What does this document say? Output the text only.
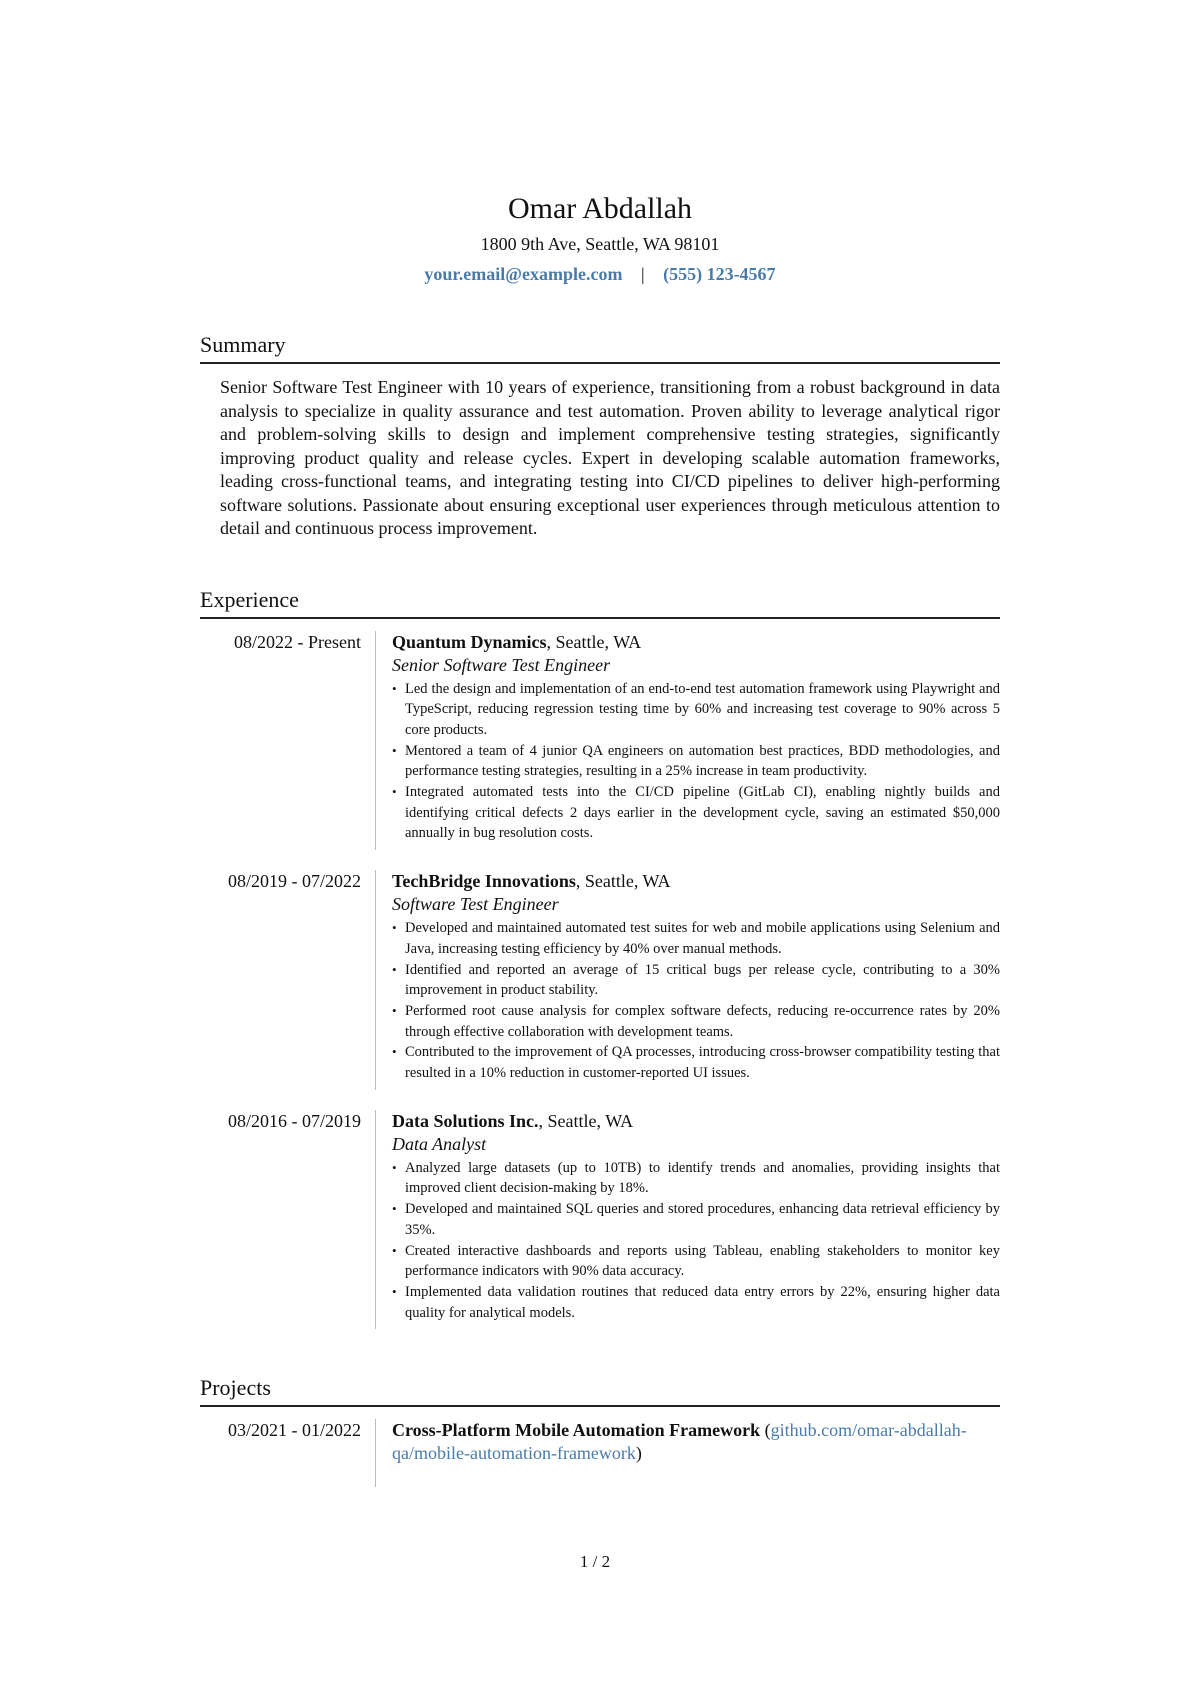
Omar Abdallah
1800 9th Ave, Seattle, WA 98101
your.email@example.com | (555) 123-4567
Summary
Senior Software Test Engineer with 10 years of experience, transitioning from a robust background in data analysis to specialize in quality assurance and test automation. Proven ability to leverage analytical rigor and problem-solving skills to design and implement comprehensive testing strategies, significantly improving product quality and release cycles. Expert in developing scalable automation frameworks, leading cross-functional teams, and integrating testing into CI/CD pipelines to deliver high-performing software solutions. Passionate about ensuring exceptional user experiences through meticulous attention to detail and continuous process improvement.
Experience
08/2022 - Present	Quantum Dynamics, Seattle, WA
Senior Software Test Engineer
• Led the design and implementation of an end-to-end test automation framework using Playwright and TypeScript, reducing regression testing time by 60% and increasing test coverage to 90% across 5 core products.
• Mentored a team of 4 junior QA engineers on automation best practices, BDD methodologies, and performance testing strategies, resulting in a 25% increase in team productivity.
• Integrated automated tests into the CI/CD pipeline (GitLab CI), enabling nightly builds and identifying critical defects 2 days earlier in the development cycle, saving an estimated $50,000 annually in bug resolution costs.
08/2019 - 07/2022	TechBridge Innovations, Seattle, WA
Software Test Engineer
• Developed and maintained automated test suites for web and mobile applications using Selenium and Java, increasing testing efficiency by 40% over manual methods.
• Identified and reported an average of 15 critical bugs per release cycle, contributing to a 30% improvement in product stability.
• Performed root cause analysis for complex software defects, reducing re-occurrence rates by 20% through effective collaboration with development teams.
• Contributed to the improvement of QA processes, introducing cross-browser compatibility testing that resulted in a 10% reduction in customer-reported UI issues.
08/2016 - 07/2019	Data Solutions Inc., Seattle, WA
Data Analyst
• Analyzed large datasets (up to 10TB) to identify trends and anomalies, providing insights that improved client decision-making by 18%.
• Developed and maintained SQL queries and stored procedures, enhancing data retrieval efficiency by 35%.
• Created interactive dashboards and reports using Tableau, enabling stakeholders to monitor key performance indicators with 90% data accuracy.
• Implemented data validation routines that reduced data entry errors by 22%, ensuring higher data quality for analytical models.
Projects
03/2021 - 01/2022	Cross-Platform Mobile Automation Framework (github.com/omar-abdallah-qa/mobile-automation-framework)
1 / 2
